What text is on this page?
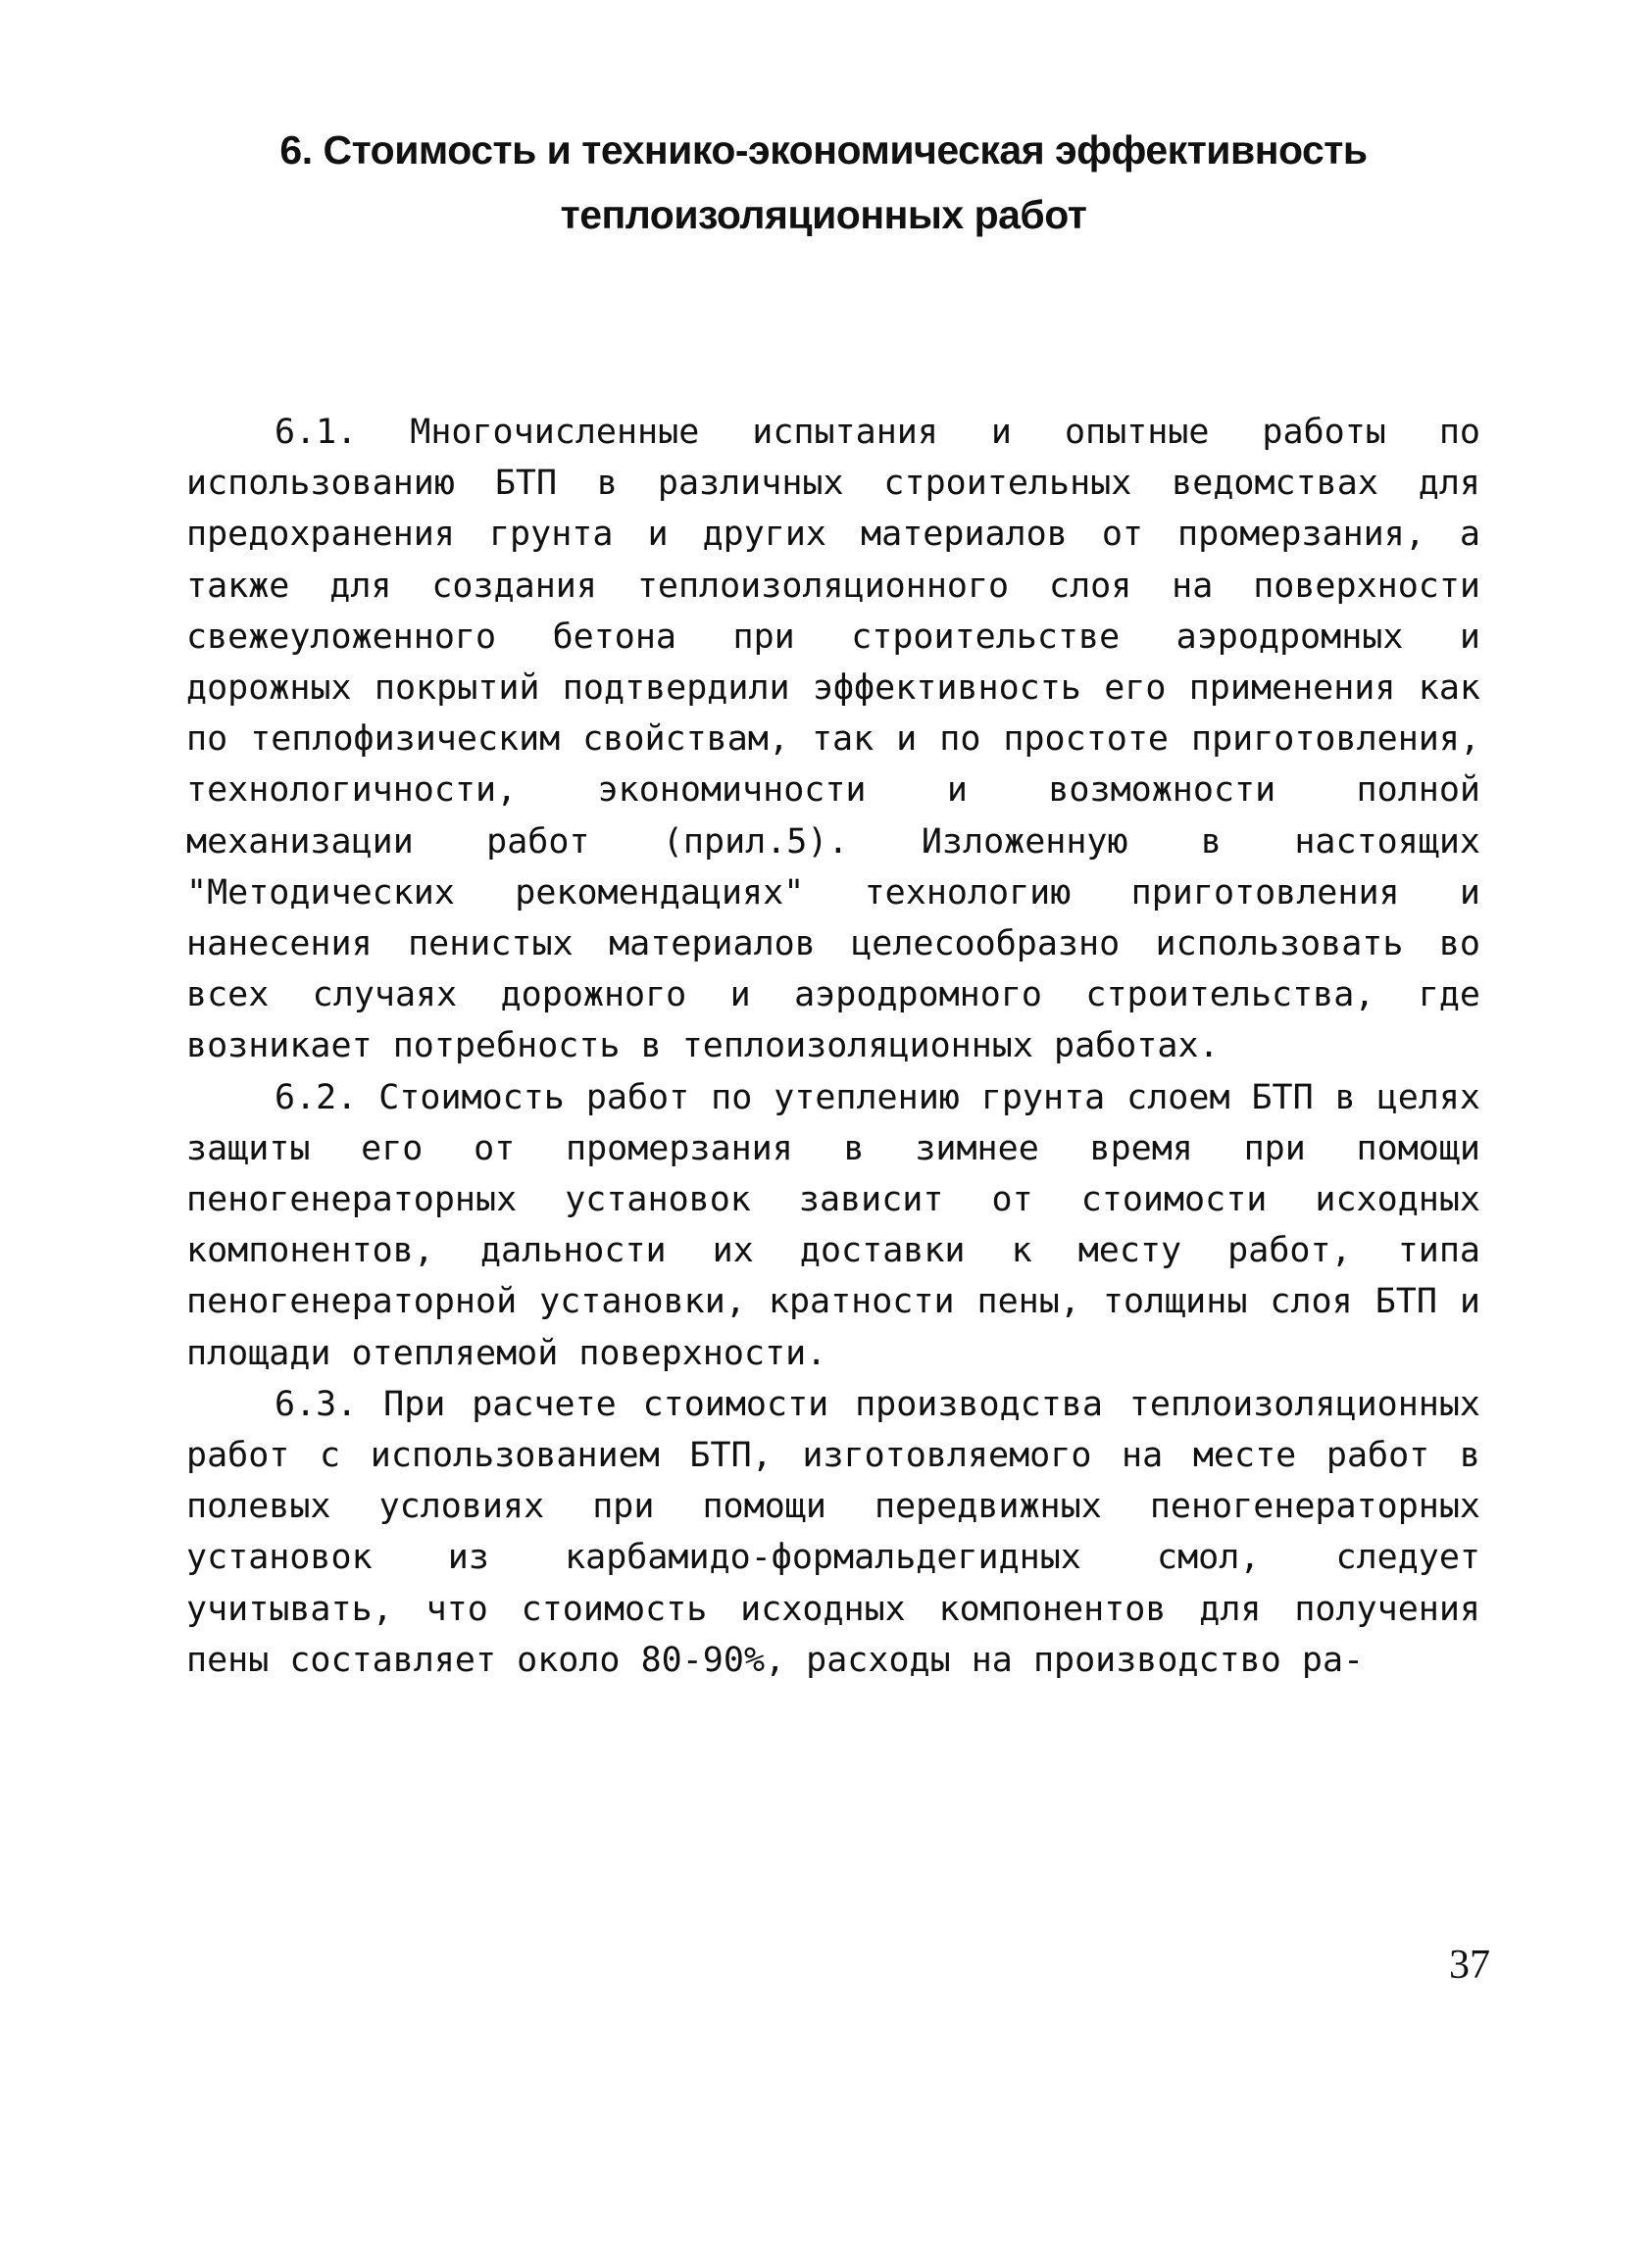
6. Стоимость и технико-экономическая эффективность
теплоизоляционных работ

6.1. Многочисленные испытания и опытные работы по использованию БТП в различных строительных ведомствах для предохранения грунта и других материалов от промерзания, а также для создания теплоизоляционного слоя на поверхности свежеуложенного бетона при строительстве аэродромных и дорожных покрытий подтвердили эффективность его применения как по теплофизическим свойствам, так и по простоте приготовления, технологичности, экономичности и возможности полной механизации работ (прил.5). Изложенную в настоящих "Методических рекомендациях" технологию приготовления и нанесения пенистых материалов целесообразно использовать во всех случаях дорожного и аэродромного строительства, где возникает потребность в теплоизоляционных работах.

6.2. Стоимость работ по утеплению грунта слоем БТП в целях защиты его от промерзания в зимнее время при помощи пеногенераторных установок зависит от стоимости исходных компонентов, дальности их доставки к месту работ, типа пеногенераторной установки, кратности пены, толщины слоя БТП и площади отепляемой поверхности.

6.3. При расчете стоимости производства теплоизоляционных работ с использованием БТП, изготовляемого на месте работ в полевых условиях при помощи передвижных пеногенераторных установок из карбамидо-формальдегидных смол, следует учитывать, что стоимость исходных компонентов для получения пены составляет около 80-90%, расходы на производство ра-

37
